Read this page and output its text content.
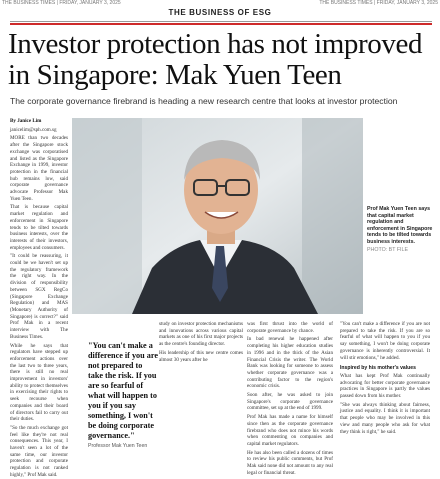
THE BUSINESS TIMES | FRIDAY, JANUARY 3, 2025	THE BUSINESS TIMES | FRIDAY, JANUARY 3, 2025
THE BUSINESS OF ESG
Investor protection has not improved in Singapore: Mak Yuen Teen

The corporate governance firebrand is heading a new research centre that looks at investor protection

By Janice Lim

janicelim@sph.com.sg

MORE than two decades after the Singapore stock exchange was corporatised and listed as the Singapore Exchange in 1999, investor protection in the financial hub remains low, said corporate governance advocate Professor Mak Yuen Teen.

That is because capital market regulation and enforcement in Singapore tends to be tilted towards business interests, over the interests of their investors, employees and consumers.

"It could be reassuring, it could be we haven't set up the regulatory framework the right way. In the division of responsibility between SGX RegCo (Singapore Exchange Regulation) and MAS (Monetary Authority of Singapore) is correct?" said Prof Mak in a recent interview with The Business Times.

While he says that regulators have stepped up enforcement actions over the last two to three years, there is still no real improvement in investors' ability to protect themselves in exercising their rights to seek recourse when companies and their board of directors fail to carry out their duties.

"So the much exchange got feel like they're not real consequences. This year, I haven't seen a lot of the same time, our investor protection and corporate regulation is not ranked highly," Prof Mak said.

Prof Mak Yuen Teen says that capital market regulation and enforcement in Singapore tends to be tilted towards business interests.
PHOTO: BT FILE
"You can't make a difference if you are not prepared to take the risk. If you are so fearful of what will happen to you if you say something, I won't be doing corporate governance."
Professor Mak Yuen Teen

study on investor protection mechanisms and innovations across various capital markets as one of his first major projects as the centre's founding director.

His leadership of this new centre comes almost 30 years after he

was first thrust into the world of corporate governance by chance.

In bad renewal he happened after completing his higher education studies in 1996 and in the thick of the Asian Financial Crisis the writer. The World Bank was looking for someone to assess whether corporate governance was a contributing factor to the region's economic crisis.

Soon after, he was asked to join Singapore's corporate governance committee, set up at the end of 1999.

Prof Mak has made a name for himself since then as the corporate governance firebrand who does not mince his words when commenting on companies and capital market regulators.

He has also been called a dozens of times to review his public comments, but Prof Mak said none did not amount to any real legal or financial threat.

"You can't make a difference if you are not prepared to take the risk. If you are so fearful of what will happen to you if you say something, I won't be doing corporate governance is inherently controversial. It will stir emotions," he added.

Inspired by his mother's values

What has kept Prof Mak continually advocating for better corporate governance practices in Singapore is partly the values passed down from his mother.

"She was always thinking about fairness, justice and equality. I think it is important that people who may be involved in this view and many people who ask for what they think is right," he said.
